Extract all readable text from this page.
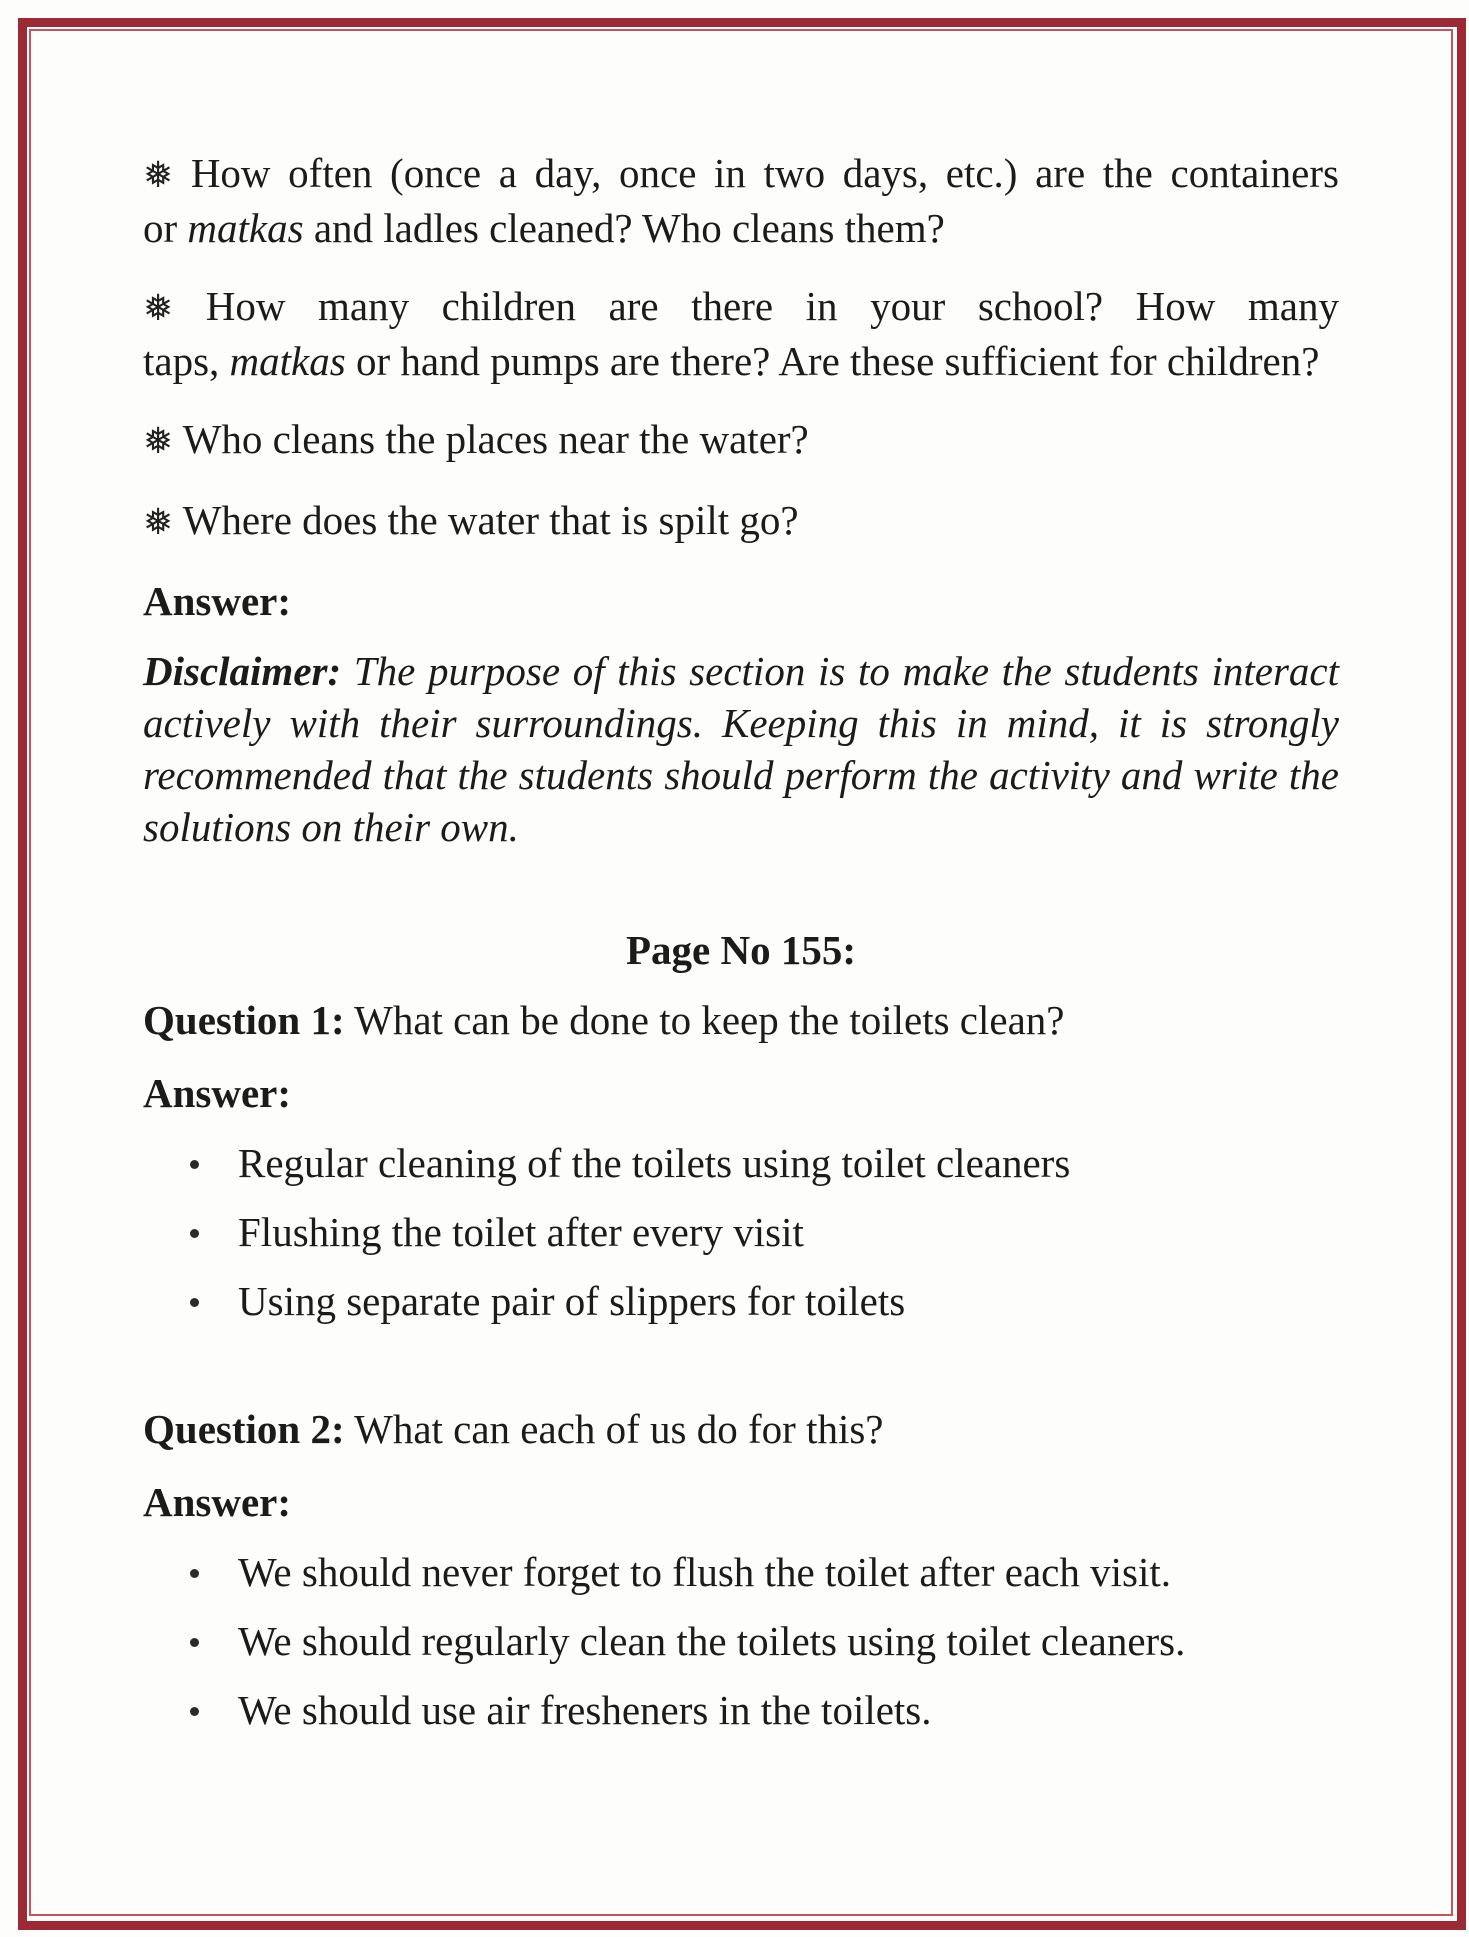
❅ How often (once a day, once in two days, etc.) are the containers
or matkas and ladles cleaned? Who cleans them?
❅ How many children are there in your school? How many
taps, matkas or hand pumps are there? Are these sufficient for children?
❅ Who cleans the places near the water?
❅ Where does the water that is spilt go?
Answer:
Disclaimer: The purpose of this section is to make the students interact
actively with their surroundings. Keeping this in mind, it is strongly
recommended that the students should perform the activity and write the
solutions on their own.
Page No 155:
Question 1: What can be done to keep the toilets clean?
Answer:
Regular cleaning of the toilets using toilet cleaners
Flushing the toilet after every visit
Using separate pair of slippers for toilets
Question 2: What can each of us do for this?
Answer:
We should never forget to flush the toilet after each visit.
We should regularly clean the toilets using toilet cleaners.
We should use air fresheners in the toilets.
